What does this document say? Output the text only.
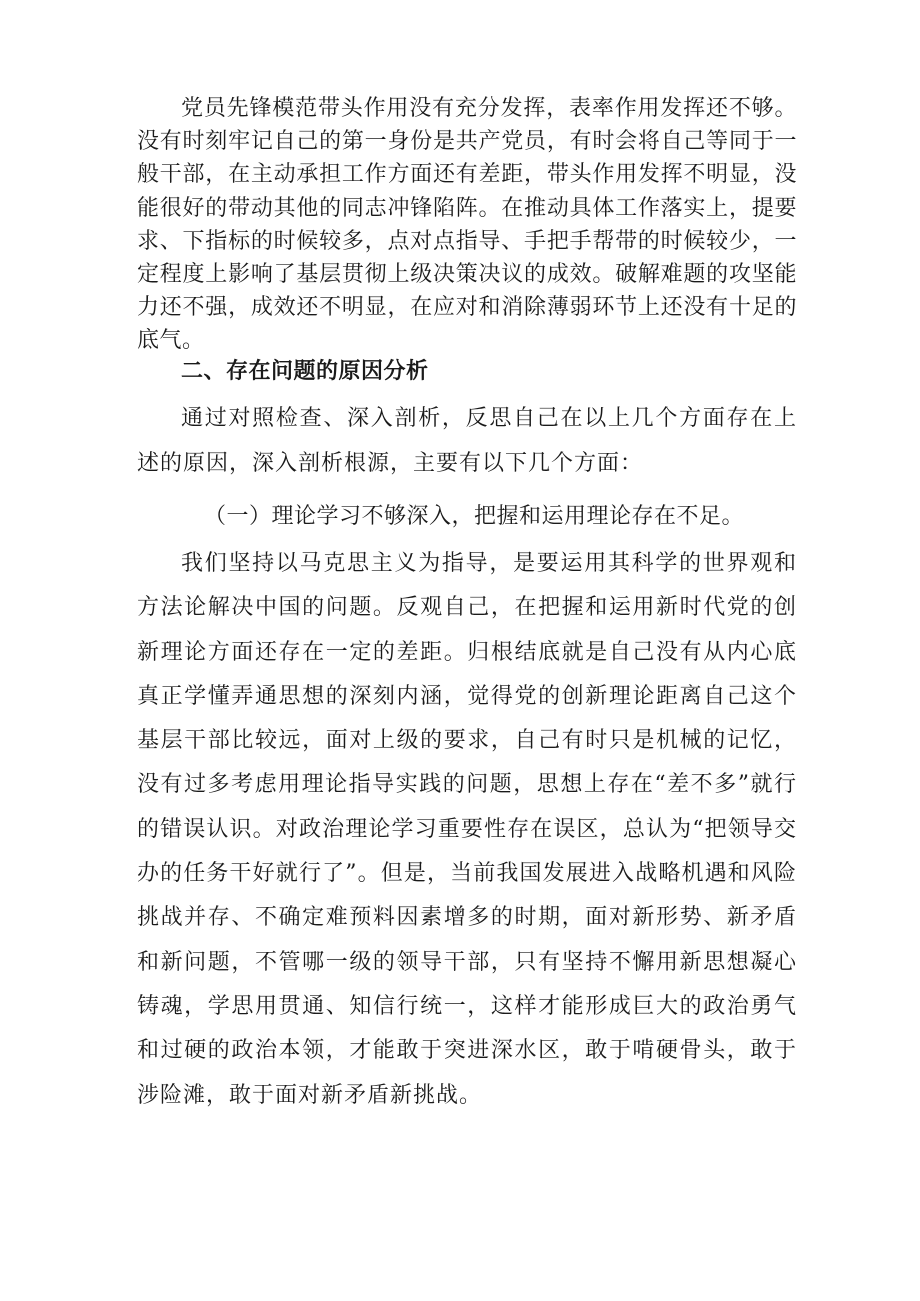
党员先锋模范带头作用没有充分发挥，表率作用发挥还不够。没有时刻牢记自己的第一身份是共产党员，有时会将自己等同于一般干部，在主动承担工作方面还有差距，带头作用发挥不明显，没能很好的带动其他的同志冲锋陷阵。在推动具体工作落实上，提要求、下指标的时候较多，点对点指导、手把手帮带的时候较少，一定程度上影响了基层贯彻上级决策决议的成效。破解难题的攻坚能力还不强，成效还不明显，在应对和消除薄弱环节上还没有十足的底气。

二、存在问题的原因分析

通过对照检查、深入剖析，反思自己在以上几个方面存在上述的原因，深入剖析根源，主要有以下几个方面：

（一）理论学习不够深入，把握和运用理论存在不足。

我们坚持以马克思主义为指导，是要运用其科学的世界观和方法论解决中国的问题。反观自己，在把握和运用新时代党的创新理论方面还存在一定的差距。归根结底就是自己没有从内心底真正学懂弄通思想的深刻内涵，觉得党的创新理论距离自己这个基层干部比较远，面对上级的要求，自己有时只是机械的记忆，没有过多考虑用理论指导实践的问题，思想上存在“差不多”就行的错误认识。对政治理论学习重要性存在误区，总认为“把领导交办的任务干好就行了”。但是，当前我国发展进入战略机遇和风险挑战并存、不确定难预料因素增多的时期，面对新形势、新矛盾和新问题，不管哪一级的领导干部，只有坚持不懈用新思想凝心铸魂，学思用贯通、知信行统一，这样才能形成巨大的政治勇气和过硬的政治本领，才能敢于突进深水区，敢于啃硬骨头，敢于涉险滩，敢于面对新矛盾新挑战。
